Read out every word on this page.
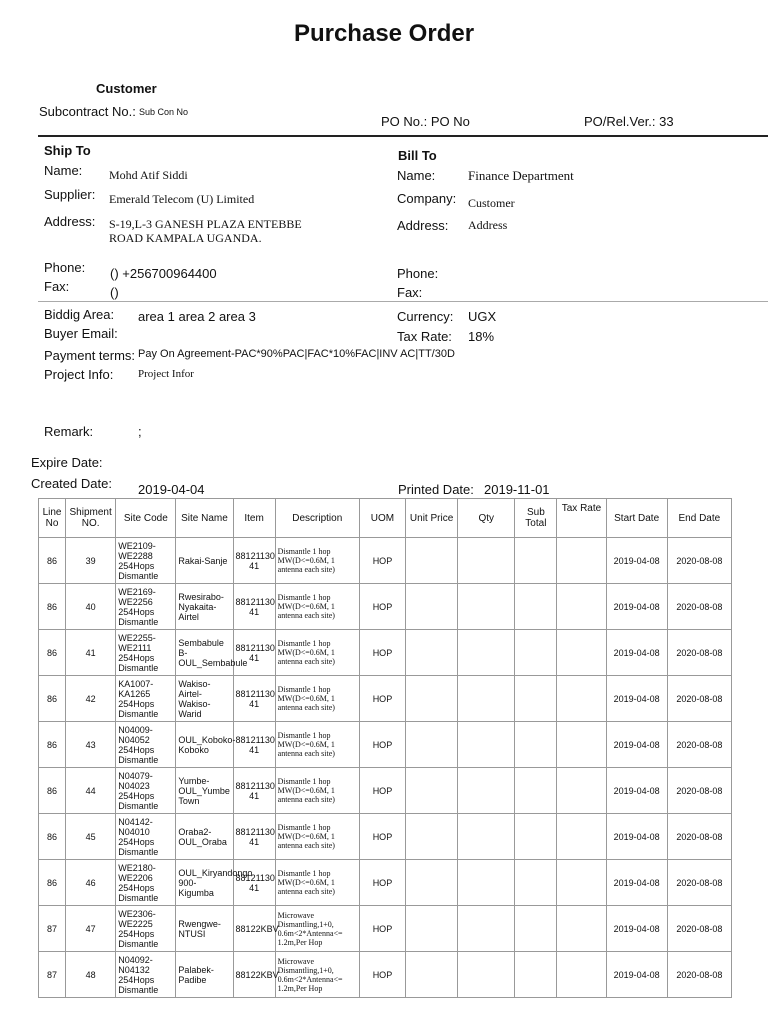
Purchase Order
Customer
Subcontract No.: Sub Con No
PO No.: PO No	PO/Rel.Ver.: 33
Ship To
Name: Mohd Atif Siddi
Supplier: Emerald Telecom (U) Limited
Address: S-19,L-3 GANESH PLAZA ENTEBBE
ROAD KAMPALA UGANDA.
Phone: () +256700964400
Fax:	()
Bill To
Name:	Finance Department
Company: Customer
Address: Address
Phone:
Fax:
Biddig Area: area 1 area 2 area 3
Buyer Email:
Currency: UGX
Tax Rate: 18%
Payment terms: Pay On Agreement-PAC*90%PAC|FAC*10%FAC|INV AC|TT/30D
Project Info: Project Infor
Remark:	;
Expire Date:
Created Date: 2019-04-04	Printed Date: 2019-11-01
Line No	Shipment NO.	Site Code	Site Name	Item	Description	UOM	Unit Price	Qty	Sub Total	Tax Rate	Start Date	End Date
86	39	WE2109-WE2288 254Hops Dismantle	Rakai-Sanje	88121130 41	Dismantle 1 hop MW(D<=0.6M, 1 antenna each site)	HOP					2019-04-08	2020-08-08
86	40	WE2169-WE2256 254Hops Dismantle	Rwesirabo-Nyakaita-Airtel	88121130 41	Dismantle 1 hop MW(D<=0.6M, 1 antenna each site)	HOP					2019-04-08	2020-08-08
86	41	WE2255-WE2111 254Hops Dismantle	Sembabule B-OUL_Sembabule	88121130 41	Dismantle 1 hop MW(D<=0.6M, 1 antenna each site)	HOP					2019-04-08	2020-08-08
86	42	KA1007-KA1265 254Hops Dismantle	Wakiso-Airtel-Wakiso-Warid	88121130 41	Dismantle 1 hop MW(D<=0.6M, 1 antenna each site)	HOP					2019-04-08	2020-08-08
86	43	N04009-N04052 254Hops Dismantle	OUL_Koboko-Koboko	88121130 41	Dismantle 1 hop MW(D<=0.6M, 1 antenna each site)	HOP					2019-04-08	2020-08-08
86	44	N04079-N04023 254Hops Dismantle	Yumbe-OUL_Yumbe Town	88121130 41	Dismantle 1 hop MW(D<=0.6M, 1 antenna each site)	HOP					2019-04-08	2020-08-08
86	45	N04142-N04010 254Hops Dismantle	Oraba2-OUL_Oraba	88121130 41	Dismantle 1 hop MW(D<=0.6M, 1 antenna each site)	HOP					2019-04-08	2020-08-08
86	46	WE2180-WE2206 254Hops Dismantle	OUL_Kiryandongo 900-Kigumba	88121130 41	Dismantle 1 hop MW(D<=0.6M, 1 antenna each site)	HOP					2019-04-08	2020-08-08
87	47	WE2306-WE2225 254Hops Dismantle	Rwengwe-NTUSI	88122KBV	Microwave Dismantling,1+0, 0.6m<2*Antenna<= 1.2m,Per Hop	HOP					2019-04-08	2020-08-08
87	48	N04092-N04132 254Hops Dismantle	Palabek-Padibe	88122KBV	Microwave Dismantling,1+0, 0.6m<2*Antenna<= 1.2m,Per Hop	HOP					2019-04-08	2020-08-08
